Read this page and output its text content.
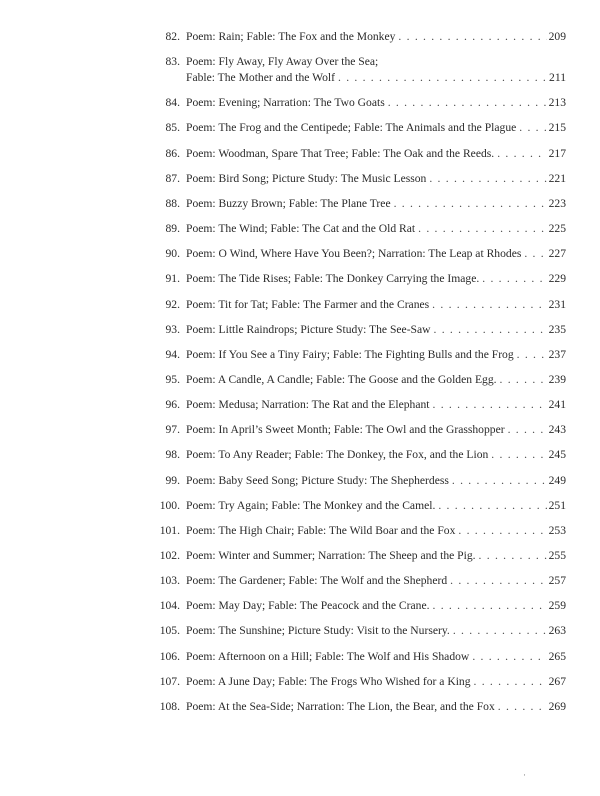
82. Poem: Rain; Fable: The Fox and the Monkey . . .	209
83. Poem: Fly Away, Fly Away Over the Sea;
Fable: The Mother and the Wolf . . .	211
84. Poem: Evening; Narration: The Two Goats . . .	213
85. Poem: The Frog and the Centipede; Fable: The Animals and the Plague . . .	215
86. Poem: Woodman, Spare That Tree; Fable: The Oak and the Reeds. . . .	217
87. Poem: Bird Song; Picture Study: The Music Lesson . . .	221
88. Poem: Buzzy Brown; Fable: The Plane Tree . . .	223
89. Poem: The Wind; Fable: The Cat and the Old Rat . . .	225
90. Poem: O Wind, Where Have You Been?; Narration: The Leap at Rhodes . . . 227
91. Poem: The Tide Rises; Fable: The Donkey Carrying the Image. . . .	229
92. Poem: Tit for Tat; Fable: The Farmer and the Cranes . . .	231
93. Poem: Little Raindrops; Picture Study: The See-Saw . . .	235
94. Poem: If You See a Tiny Fairy; Fable: The Fighting Bulls and the Frog . . .	237
95. Poem: A Candle, A Candle; Fable: The Goose and the Golden Egg. . . .	239
96. Poem: Medusa; Narration: The Rat and the Elephant . . .	241
97. Poem: In April’s Sweet Month; Fable: The Owl and the Grasshopper . . .	243
98. Poem: To Any Reader; Fable: The Donkey, the Fox, and the Lion . . .	245
99. Poem: Baby Seed Song; Picture Study: The Shepherdess . . .	249
100. Poem: Try Again; Fable: The Monkey and the Camel. . . .	251
101. Poem: The High Chair; Fable: The Wild Boar and the Fox . . .	253
102. Poem: Winter and Summer; Narration: The Sheep and the Pig. . . .	255
103. Poem: The Gardener; Fable: The Wolf and the Shepherd . . .	257
104. Poem: May Day; Fable: The Peacock and the Crane. . . .	259
105. Poem: The Sunshine; Picture Study: Visit to the Nursery. . . .	263
106. Poem: Afternoon on a Hill; Fable: The Wolf and His Shadow . . .	265
107. Poem: A June Day; Fable: The Frogs Who Wished for a King . . .	267
108. Poem: At the Sea-Side; Narration: The Lion, the Bear, and the Fox . . .	269
·
